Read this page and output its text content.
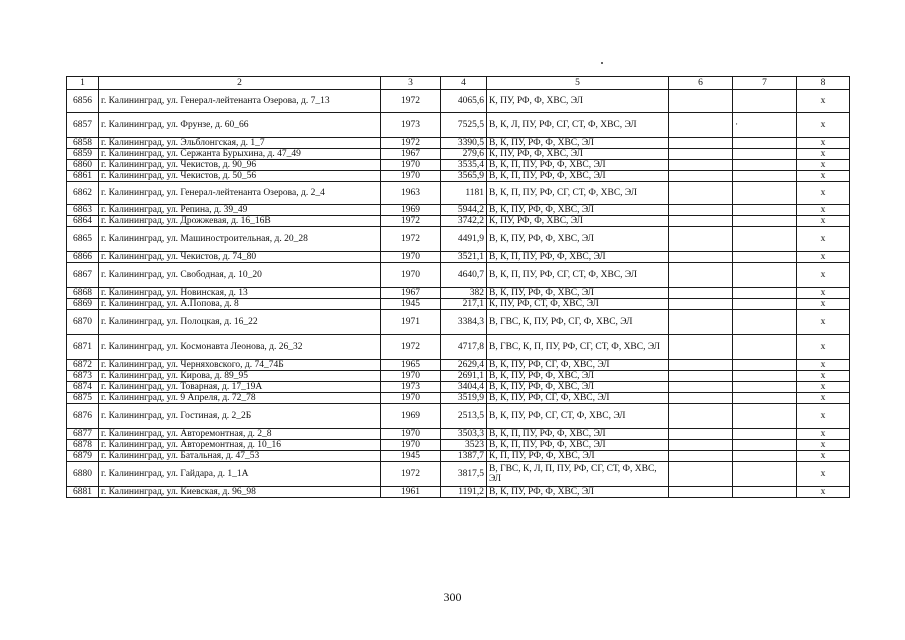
1	2	3	4	5	6	7	8
6856	г. Калининград, ул. Генерал-лейтенанта Озерова, д. 7_13	1972	4065,6	К, ПУ, РФ, Ф, ХВС, ЭЛ			х
6857	г. Калининград, ул. Фрунзе, д. 60_66	1973	7525,5	В, К, Л, ПУ, РФ, СГ, СТ, Ф, ХВС, ЭЛ		·	х
6858	г. Калининград, ул. Эльблонгская, д. 1_7	1972	3390,5	В, К, ПУ, РФ, Ф, ХВС, ЭЛ			х
6859	г. Калининград, ул. Сержанта Бурыхина, д. 47_49	1967	279,6	К, ПУ, РФ, Ф, ХВС, ЭЛ			х
6860	г. Калининград, ул. Чекистов, д. 90_96	1970	3535,4	В, К, П, ПУ, РФ, Ф, ХВС, ЭЛ			х
6861	г. Калининград, ул. Чекистов, д. 50_56	1970	3565,9	В, К, П, ПУ, РФ, Ф, ХВС, ЭЛ			х
6862	г. Калининград, ул. Генерал-лейтенанта Озерова, д. 2_4	1963	1181	В, К, П, ПУ, РФ, СГ, СТ, Ф, ХВС, ЭЛ			х
6863	г. Калининград, ул. Репина, д. 39_49	1969	5944,2	В, К, ПУ, РФ, Ф, ХВС, ЭЛ			х
6864	г. Калининград, ул. Дрожжевая, д. 16_16В	1972	3742,2	К, ПУ, РФ, Ф, ХВС, ЭЛ			х
6865	г. Калининград, ул. Машиностроительная, д. 20_28	1972	4491,9	В, К, ПУ, РФ, Ф, ХВС, ЭЛ			х
6866	г. Калининград, ул. Чекистов, д. 74_80	1970	3521,1	В, К, П, ПУ, РФ, Ф, ХВС, ЭЛ			х
6867	г. Калининград, ул. Свободная, д. 10_20	1970	4640,7	В, К, П, ПУ, РФ, СГ, СТ, Ф, ХВС, ЭЛ			х
6868	г. Калининград, ул. Новинская, д. 13	1967	382	В, К, ПУ, РФ, Ф, ХВС, ЭЛ			х
6869	г. Калининград, ул. А.Попова, д. 8	1945	217,1	К, ПУ, РФ, СТ, Ф, ХВС, ЭЛ			х
6870	г. Калининград, ул. Полоцкая, д. 16_22	1971	3384,3	В, ГВС, К, ПУ, РФ, СГ, Ф, ХВС, ЭЛ			х
6871	г. Калининград, ул. Космонавта Леонова, д. 26_32	1972	4717,8	В, ГВС, К, П, ПУ, РФ, СГ, СТ, Ф, ХВС, ЭЛ			х
6872	г. Калининград, ул. Черняховского, д. 74_74Б	1965	2629,4	В, К, ПУ, РФ, СГ, Ф, ХВС, ЭЛ			х
6873	г. Калининград, ул. Кирова, д. 89_95	1970	2691,1	В, К, ПУ, РФ, Ф, ХВС, ЭЛ			х
6874	г. Калининград, ул. Товарная, д. 17_19А	1973	3404,4	В, К, ПУ, РФ, Ф, ХВС, ЭЛ			х
6875	г. Калининград, ул. 9 Апреля, д. 72_78	1970	3519,9	В, К, ПУ, РФ, СГ, Ф, ХВС, ЭЛ			х
6876	г. Калининград, ул. Гостиная, д. 2_2Б	1969	2513,5	В, К, ПУ, РФ, СГ, СТ, Ф, ХВС, ЭЛ			х
6877	г. Калининград, ул. Авторемонтная, д. 2_8	1970	3503,3	В, К, П, ПУ, РФ, Ф, ХВС, ЭЛ			х
6878	г. Калининград, ул. Авторемонтная, д. 10_16	1970	3523	В, К, П, ПУ, РФ, Ф, ХВС, ЭЛ			х
6879	г. Калининград, ул. Батальная, д. 47_53	1945	1387,7	К, П, ПУ, РФ, Ф, ХВС, ЭЛ			х
6880	г. Калининград, ул. Гайдара, д. 1_1А	1972	3817,5	В, ГВС, К, Л, П, ПУ, РФ, СГ, СТ, Ф, ХВС, ЭЛ			х
6881	г. Калининград, ул. Киевская, д. 96_98	1961	1191,2	В, К, ПУ, РФ, Ф, ХВС, ЭЛ			х
300
